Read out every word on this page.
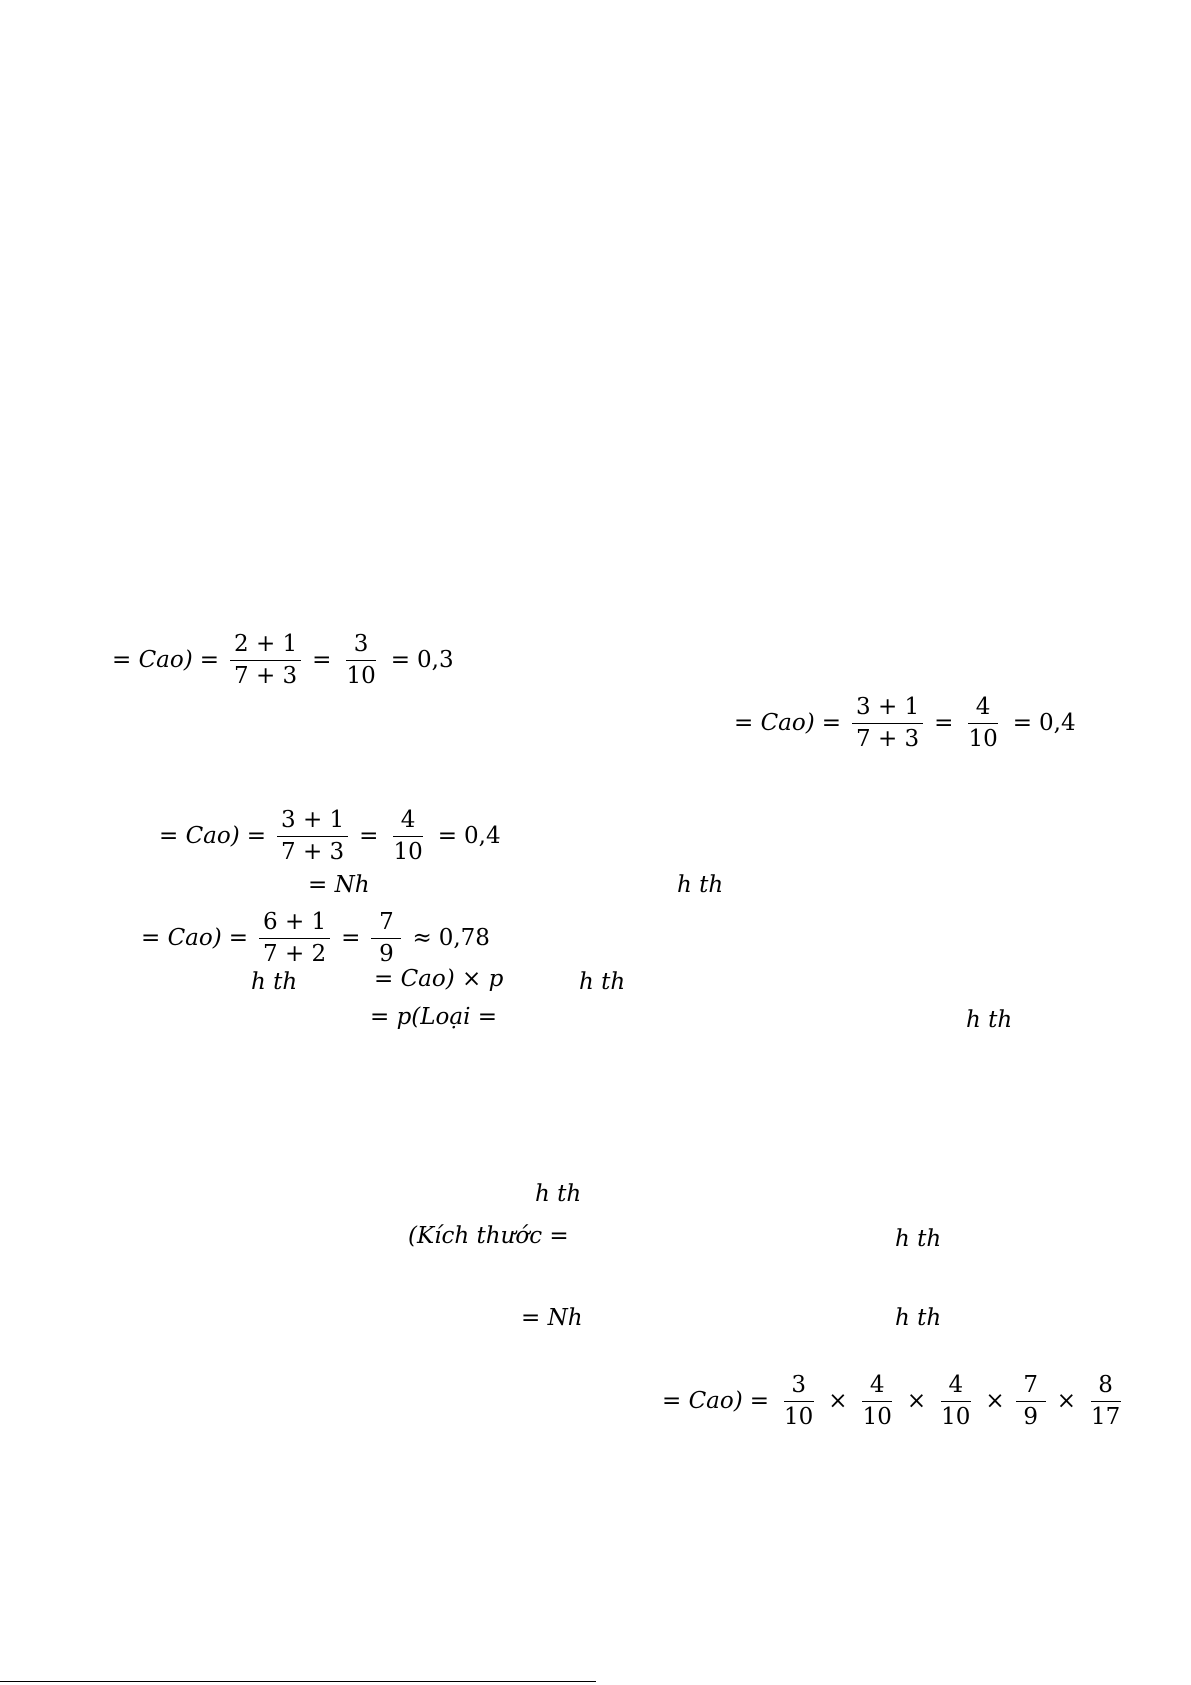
= $Cao) = \frac{2 + 1}{7 + 3} = \frac{3}{10} = 0,3$
= $Cao) = \frac{3 + 1}{7 + 3} = \frac{4}{10} = 0,4$
= $Cao) = \frac{3 + 1}{7 + 3} = \frac{4}{10} = 0,4$
= Nh	h th
= $Cao) = \frac{6 + 1}{7 + 2} = \frac{7}{9} \approx 0,78$
h th	= Cao) × p	h th
= p(Loại =	h th
h th
(Kích thước =	h th
= Nh	h th
= $Cao) = \frac{3}{10} \times \frac{4}{10} \times \frac{4}{10} \times \frac{7}{9} \times \frac{8}{17}$
